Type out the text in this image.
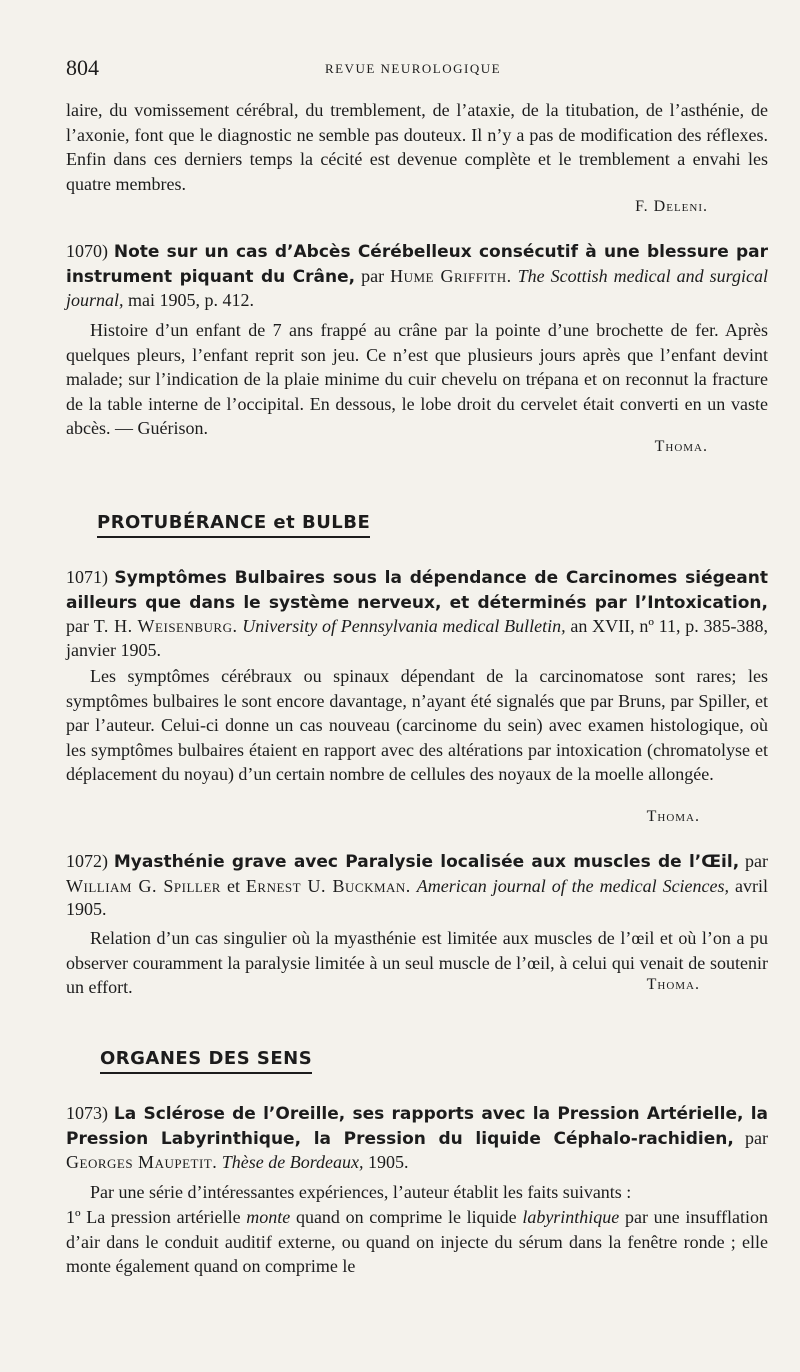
804	REVUE NEUROLOGIQUE

laire, du vomissement cérébral, du tremblement, de l’ataxie, de la titubation, de l’asthénie, de l’axonie, font que le diagnostic ne semble pas douteux. Il n’y a pas de modification des réflexes. Enfin dans ces derniers temps la cécité est devenue complète et le tremblement a envahi les quatre membres.

F. Deleni.

1070) Note sur un cas d’Abcès Cérébelleux consécutif à une blessure par instrument piquant du Crâne, par Hume Griffith. The Scottish medical and surgical journal, mai 1905, p. 412.

Histoire d’un enfant de 7 ans frappé au crâne par la pointe d’une brochette de fer. Après quelques pleurs, l’enfant reprit son jeu. Ce n’est que plusieurs jours après que l’enfant devint malade; sur l’indication de la plaie minime du cuir chevelu on trépana et on reconnut la fracture de la table interne de l’occipital. En dessous, le lobe droit du cervelet était converti en un vaste abcès. — Guérison.

Thoma.
PROTUBÉRANCE et BULBE

1071) Symptômes Bulbaires sous la dépendance de Carcinomes siégeant ailleurs que dans le système nerveux, et déterminés par l’Intoxication, par T. H. Weisenburg. University of Pennsylvania medical Bulletin, an XVII, nº 11, p. 385-388, janvier 1905.

Les symptômes cérébraux ou spinaux dépendant de la carcinomatose sont rares; les symptômes bulbaires le sont encore davantage, n’ayant été signalés que par Bruns, par Spiller, et par l’auteur. Celui-ci donne un cas nouveau (carcinome du sein) avec examen histologique, où les symptômes bulbaires étaient en rapport avec des altérations par intoxication (chromatolyse et déplacement du noyau) d’un certain nombre de cellules des noyaux de la moelle allongée.

Thoma.

1072) Myasthénie grave avec Paralysie localisée aux muscles de l’Œil, par William G. Spiller et Ernest U. Buckman. American journal of the medical Sciences, avril 1905.

Relation d’un cas singulier où la myasthénie est limitée aux muscles de l’œil et où l’on a pu observer couramment la paralysie limitée à un seul muscle de l’œil, à celui qui venait de soutenir un effort.	Thoma.
ORGANES DES SENS

1073) La Sclérose de l’Oreille, ses rapports avec la Pression Artérielle, la Pression Labyrinthique, la Pression du liquide Céphalo-rachidien, par Georges Maupetit. Thèse de Bordeaux, 1905.

Par une série d’intéressantes expériences, l’auteur établit les faits suivants :

1º La pression artérielle monte quand on comprime le liquide labyrinthique par une insufflation d’air dans le conduit auditif externe, ou quand on injecte du sérum dans la fenêtre ronde ; elle monte également quand on comprime le
